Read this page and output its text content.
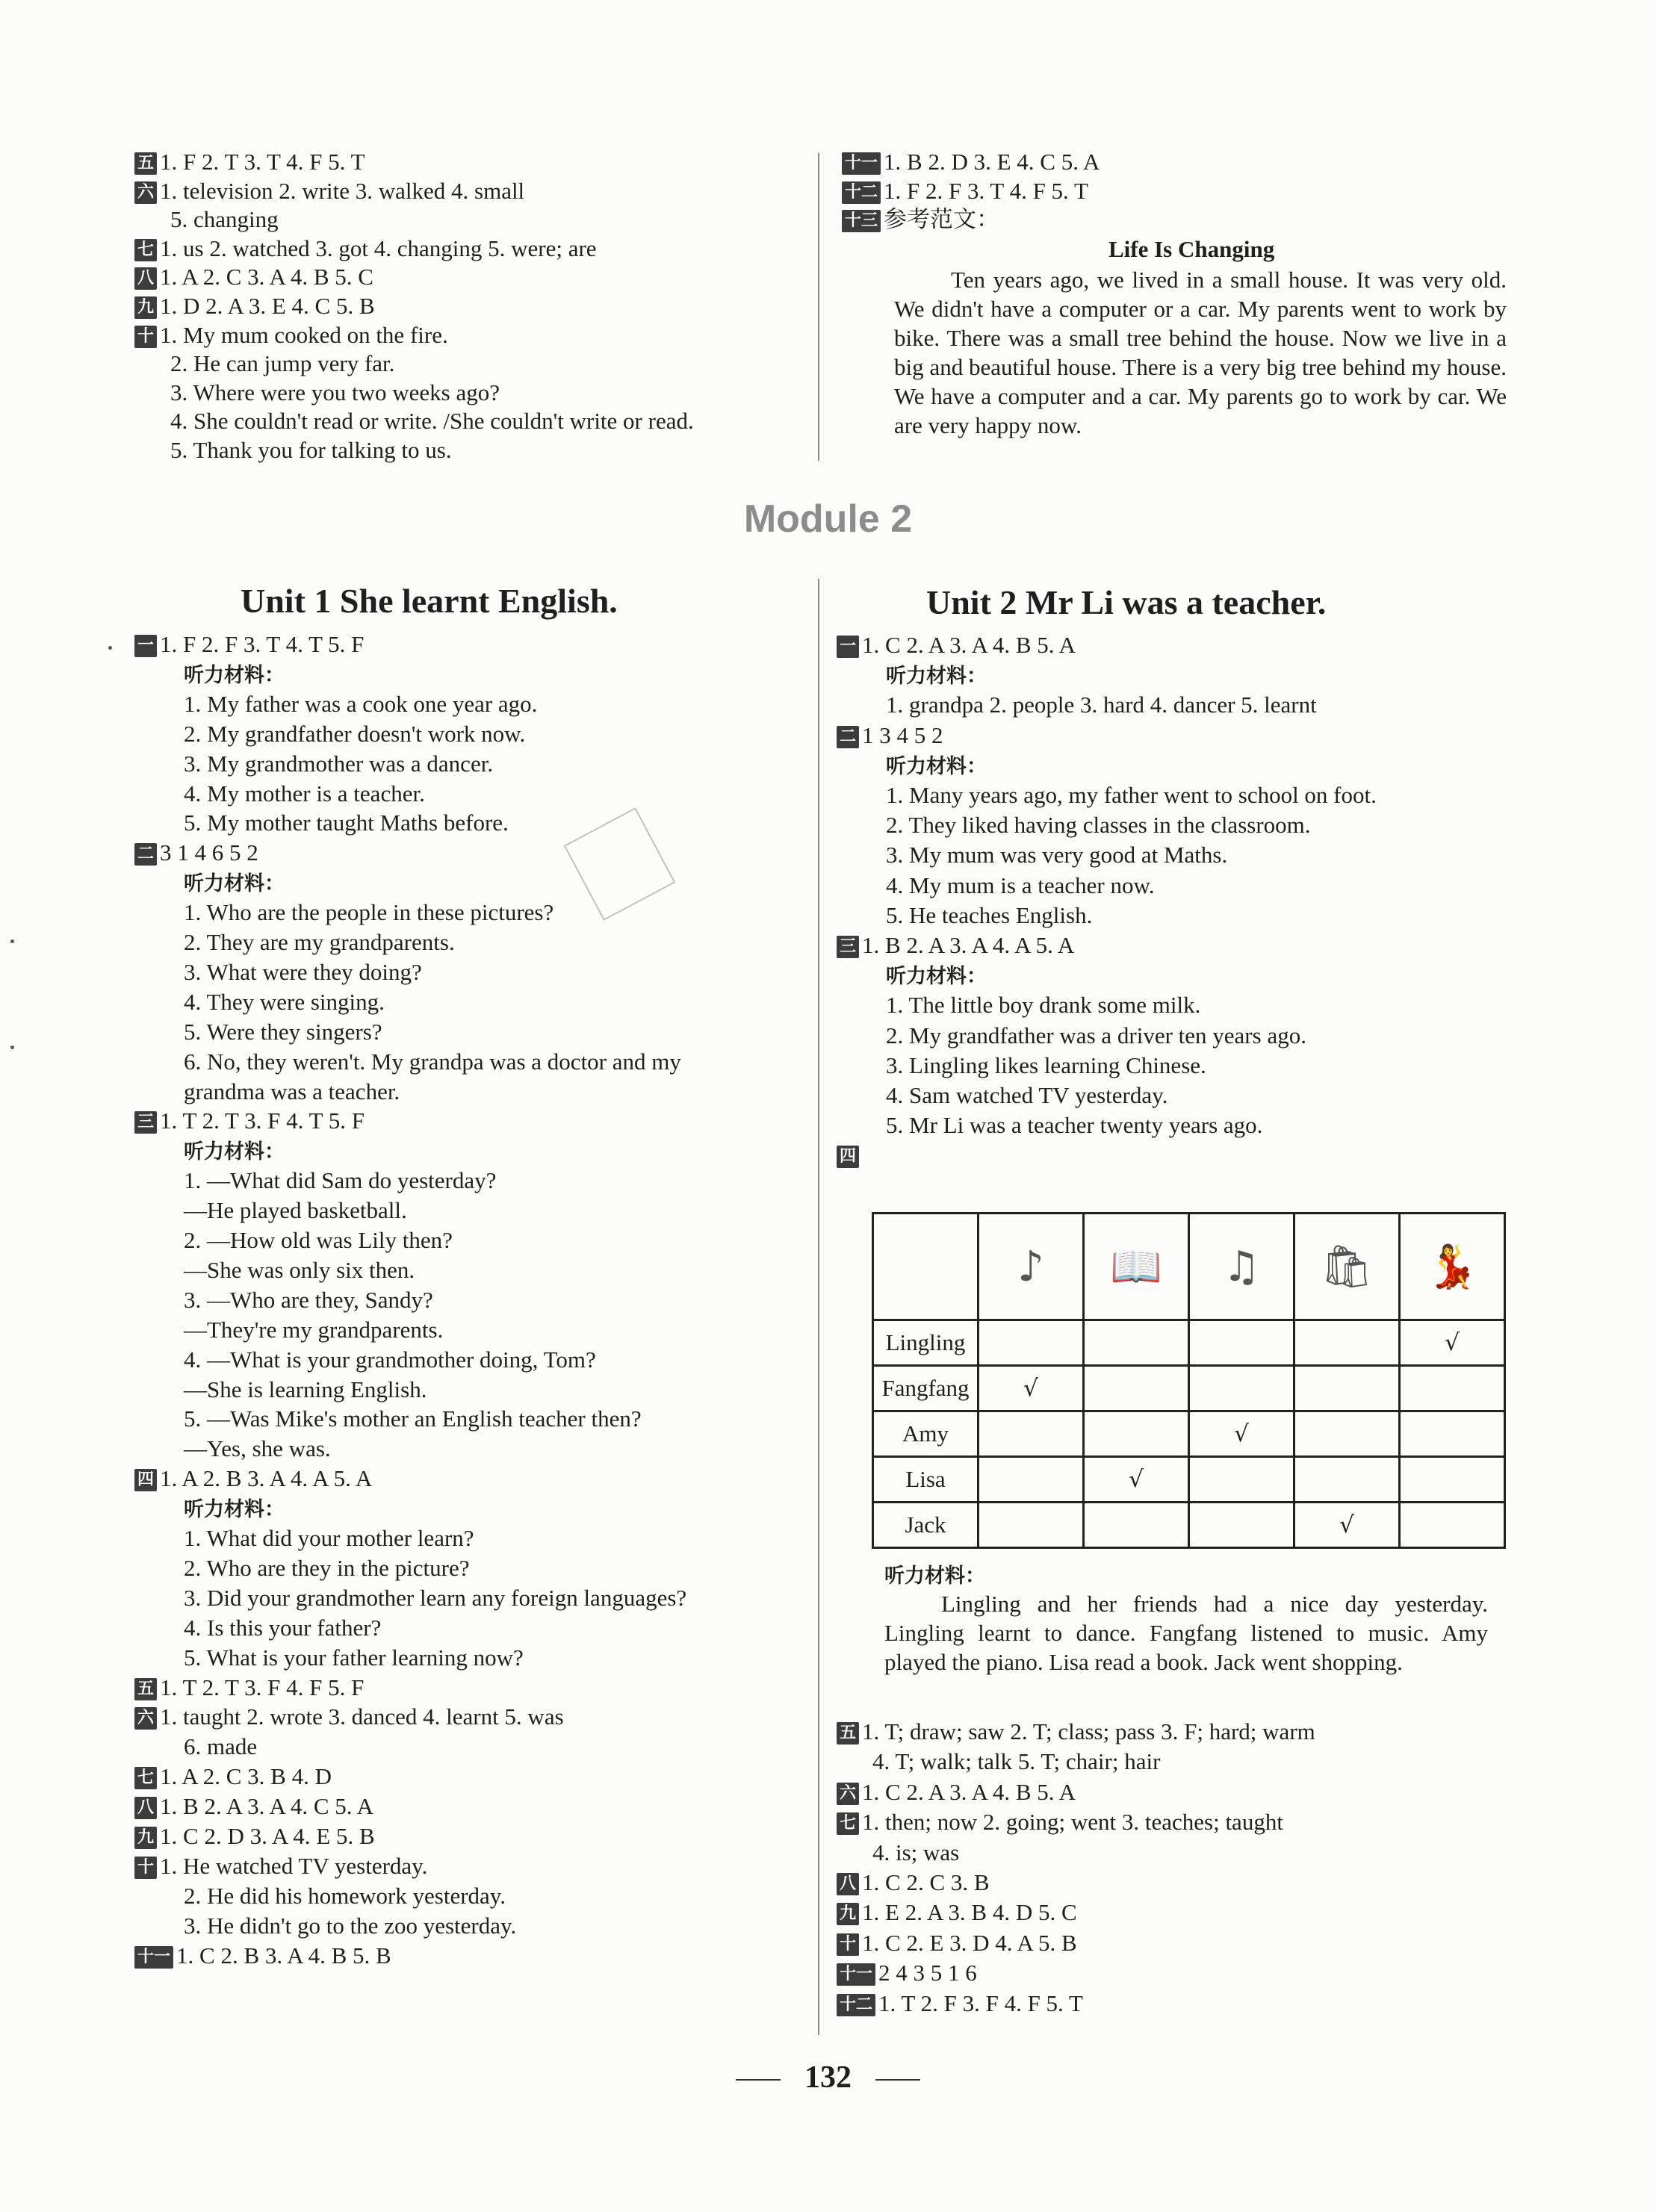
五 1. F 2. T 3. T 4. F 5. T
六 1. television 2. write 3. walked 4. small
5. changing
七 1. us 2. watched 3. got 4. changing 5. were; are
八 1. A 2. C 3. A 4. B 5. C
九 1. D 2. A 3. E 4. C 5. B
十 1. My mum cooked on the fire.
2. He can jump very far.
3. Where were you two weeks ago?
4. She couldn't read or write. /She couldn't write or read.
5. Thank you for talking to us.
十一 1. B 2. D 3. E 4. C 5. A
十二 1. F 2. F 3. T 4. F 5. T
十三 参考范文：
Life Is Changing
Ten years ago, we lived in a small house. It was very old. We didn't have a computer or a car. My parents went to work by bike. There was a small tree behind the house. Now we live in a big and beautiful house. There is a very big tree behind my house. We have a computer and a car. My parents go to work by car. We are very happy now.
Module 2
Unit 1 She learnt English.	Unit 2 Mr Li was a teacher.
一 1. F 2. F 3. T 4. T 5. F
听力材料：
1. My father was a cook one year ago.
2. My grandfather doesn't work now.
3. My grandmother was a dancer.
4. My mother is a teacher.
5. My mother taught Maths before.
二 3 1 4 6 5 2
听力材料：
1. Who are the people in these pictures?
2. They are my grandparents.
3. What were they doing?
4. They were singing.
5. Were they singers?
6. No, they weren't. My grandpa was a doctor and my
grandma was a teacher.
三 1. T 2. T 3. F 4. T 5. F
听力材料：
1. —What did Sam do yesterday?
—He played basketball.
2. —How old was Lily then?
—She was only six then.
3. —Who are they, Sandy?
—They're my grandparents.
4. —What is your grandmother doing, Tom?
—She is learning English.
5. —Was Mike's mother an English teacher then?
—Yes, she was.
四 1. A 2. B 3. A 4. A 5. A
听力材料：
1. What did your mother learn?
2. Who are they in the picture?
3. Did your grandmother learn any foreign languages?
4. Is this your father?
5. What is your father learning now?
五 1. T 2. T 3. F 4. F 5. F
六 1. taught 2. wrote 3. danced 4. learnt 5. was
6. made
七 1. A 2. C 3. B 4. D
八 1. B 2. A 3. A 4. C 5. A
九 1. C 2. D 3. A 4. E 5. B
十 1. He watched TV yesterday.
2. He did his homework yesterday.
3. He didn't go to the zoo yesterday.
十一 1. C 2. B 3. A 4. B 5. B
一 1. C 2. A 3. A 4. B 5. A
听力材料：
1. grandpa 2. people 3. hard 4. dancer 5. learnt
二 1 3 4 5 2
听力材料：
1. Many years ago, my father went to school on foot.
2. They liked having classes in the classroom.
3. My mum was very good at Maths.
4. My mum is a teacher now.
5. He teaches English.
三 1. B 2. A 3. A 4. A 5. A
听力材料：
1. The little boy drank some milk.
2. My grandfather was a driver ten years ago.
3. Lingling likes learning Chinese.
4. Sam watched TV yesterday.
5. Mr Li was a teacher twenty years ago.
四
	♪	📖	♫	🛍	💃
Lingling					√
Fangfang	√				
Amy			√		
Lisa		√			
Jack				√	
听力材料：
Lingling and her friends had a nice day yesterday. Lingling learnt to dance. Fangfang listened to music. Amy played the piano. Lisa read a book. Jack went shopping.
五 1. T; draw; saw 2. T; class; pass 3. F; hard; warm
4. T; walk; talk 5. T; chair; hair
六 1. C 2. A 3. A 4. B 5. A
七 1. then; now 2. going; went 3. teaches; taught
4. is; was
八 1. C 2. C 3. B
九 1. E 2. A 3. B 4. D 5. C
十 1. C 2. E 3. D 4. A 5. B
十一 2 4 3 5 1 6
十二 1. T 2. F 3. F 4. F 5. T
132
